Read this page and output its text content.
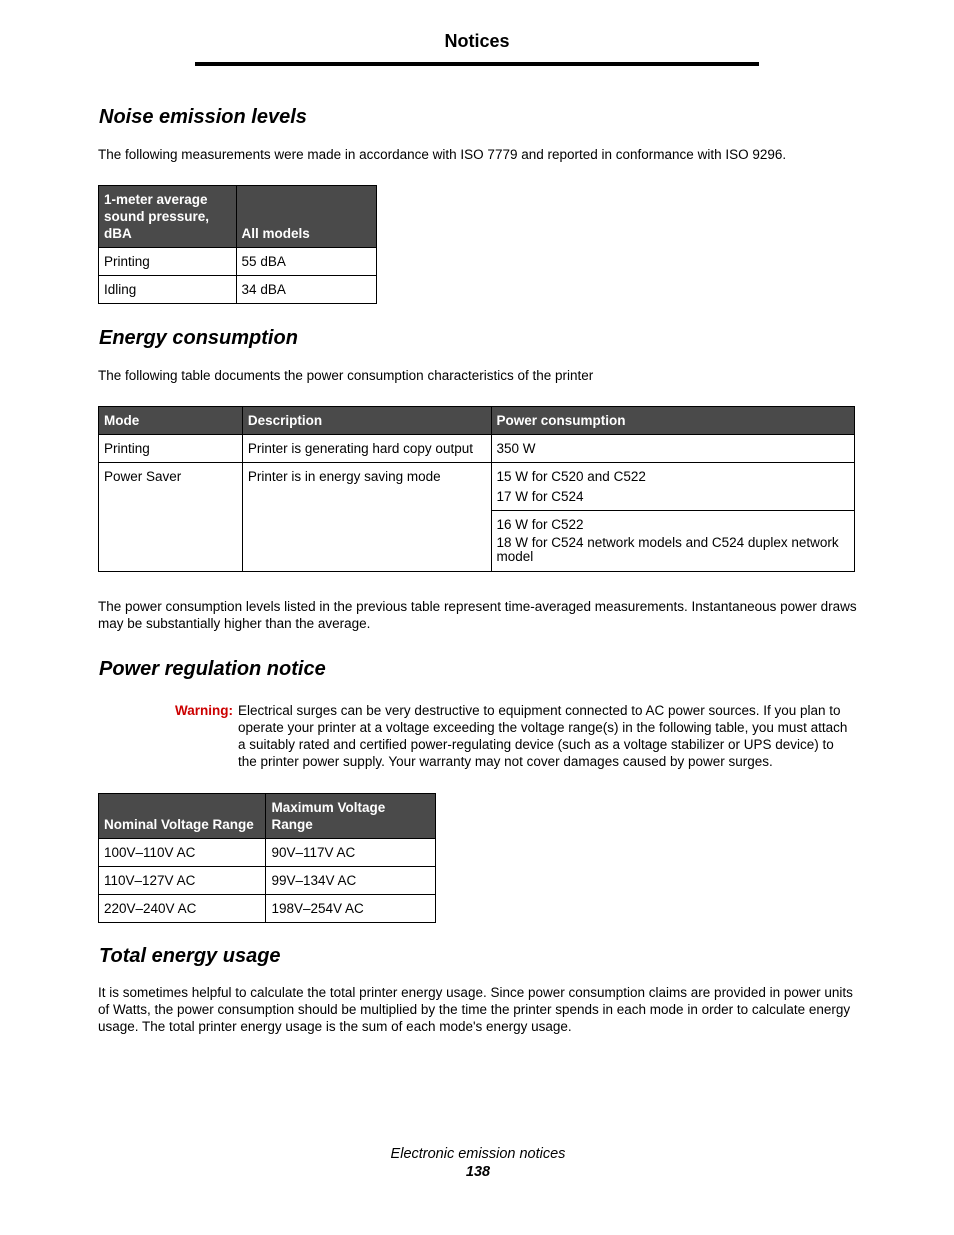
Notices
Noise emission levels

The following measurements were made in accordance with ISO 7779 and reported in conformance with ISO 9296.

1-meter average sound pressure, dBA	All models
Printing	55 dBA
Idling	34 dBA
Energy consumption

The following table documents the power consumption characteristics of the printer

Mode	Description	Power consumption
Printing	Printer is generating hard copy output	350 W
Power Saver	Printer is in energy saving mode	15 W for C520 and C522
17 W for C524

		16 W for C522
18 W for C524 network models and C524 duplex network model

The power consumption levels listed in the previous table represent time-averaged measurements. Instantaneous power draws may be substantially higher than the average.

Power regulation notice
Warning: Electrical surges can be very destructive to equipment connected to AC power sources. If you plan to operate your printer at a voltage exceeding the voltage range(s) in the following table, you must attach a suitably rated and certified power-regulating device (such as a voltage stabilizer or UPS device) to the printer power supply. Your warranty may not cover damages caused by power surges.
Nominal Voltage Range	Maximum Voltage Range
100V–110V AC	90V–117V AC
110V–127V AC	99V–134V AC
220V–240V AC	198V–254V AC
Total energy usage

It is sometimes helpful to calculate the total printer energy usage. Since power consumption claims are provided in power units of Watts, the power consumption should be multiplied by the time the printer spends in each mode in order to calculate energy usage. The total printer energy usage is the sum of each mode's energy usage.

Electronic emission notices
138
